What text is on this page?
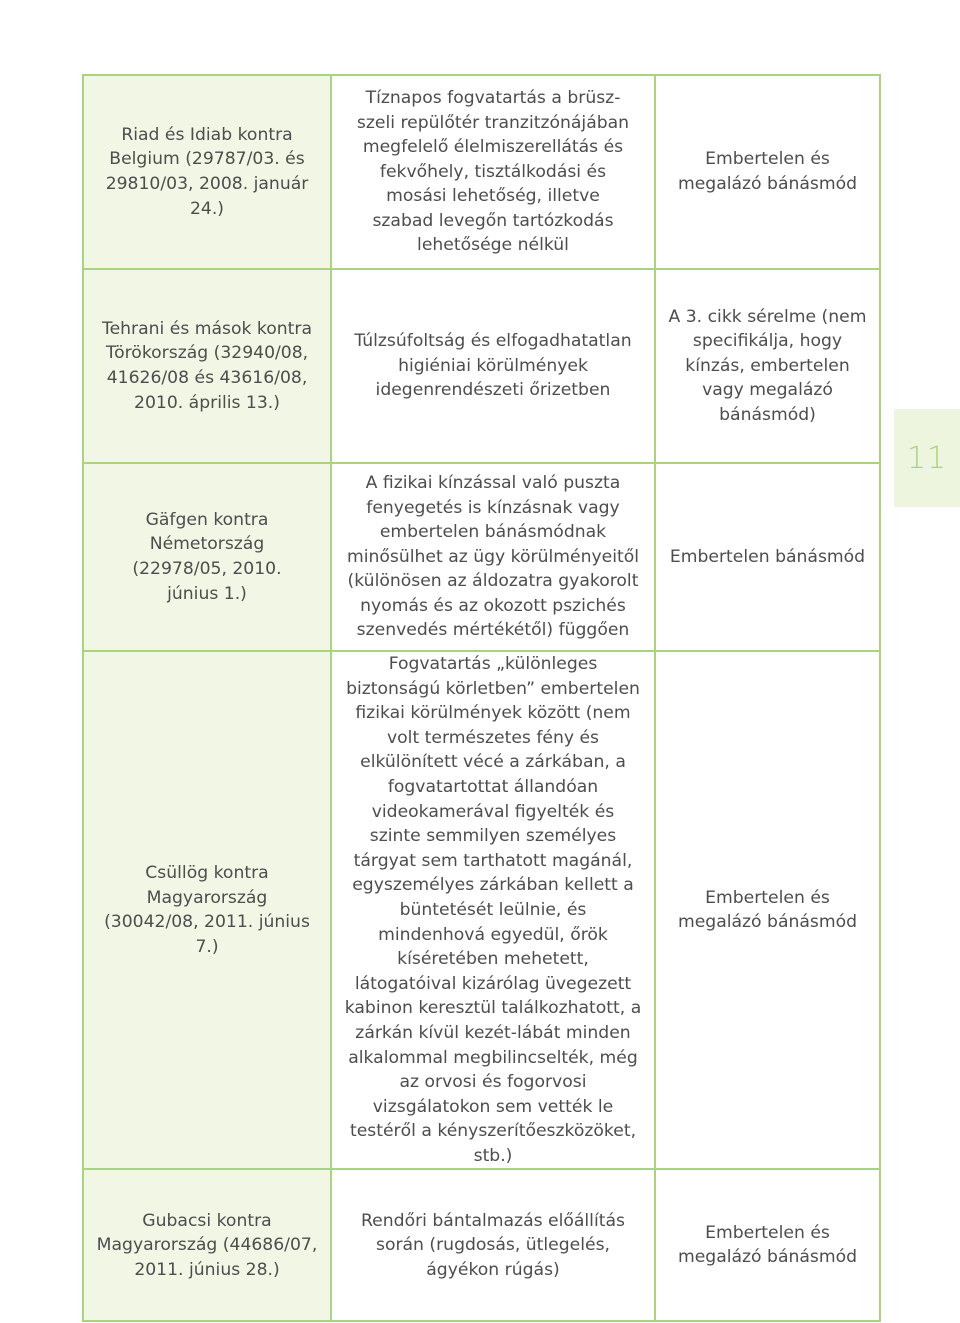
Riad és Idiab kontra Belgium (29787/03. és 29810/03, 2008. január 24.)	Tíznapos fogvatartás a brüsz-szeli repülőtér tranzitzónájában megfelelő élelmiszerellátás és fekvőhely, tisztálkodási és mosási lehetőség, illetve szabad levegőn tartózkodás lehetősége nélkül	Embertelen és megalázó bánásmód

Tehrani és mások kontra Törökország (32940/08, 41626/08 és 43616/08, 2010. április 13.)	Túlzsúfoltság és elfogadhatatlan higiéniai körülmények idegenrendészeti őrizetben	A 3. cikk sérelme (nem specifikálja, hogy kínzás, embertelen vagy megalázó bánásmód)

Gäfgen kontra Németország (22978/05, 2010. június 1.)	A fizikai kínzással való puszta fenyegetés is kínzásnak vagy embertelen bánásmódnak minősülhet az ügy körülményeitől (különösen az áldozatra gyakorolt nyomás és az okozott pszichés szenvedés mértékétől) függően	Embertelen bánásmód

Csüllög kontra Magyarország (30042/08, 2011. június 7.)	Fogvatartás „különleges biztonságú körletben” embertelen fizikai körülmények között (nem volt természetes fény és elkülönített vécé a zárkában, a fogvatartottat állandóan videokamerával figyelték és szinte semmilyen személyes tárgyat sem tarthatott magánál, egyszemélyes zárkában kellett a büntetését leülnie, és mindenhová egyedül, őrök kíséretében mehetett, látogatóival kizárólag üvegezett kabinon keresztül találkozhatott, a zárkán kívül kezét-lábát minden alkalommal megbilincselték, még az orvosi és fogorvosi vizsgálatokon sem vették le testéről a kényszerítőeszközöket, stb.)	Embertelen és megalázó bánásmód

Gubacsi kontra Magyarország (44686/07, 2011. június 28.)	Rendőri bántalmazás előállítás során (rugdosás, ütlegelés, ágyékon rúgás)	Embertelen és megalázó bánásmód
11
